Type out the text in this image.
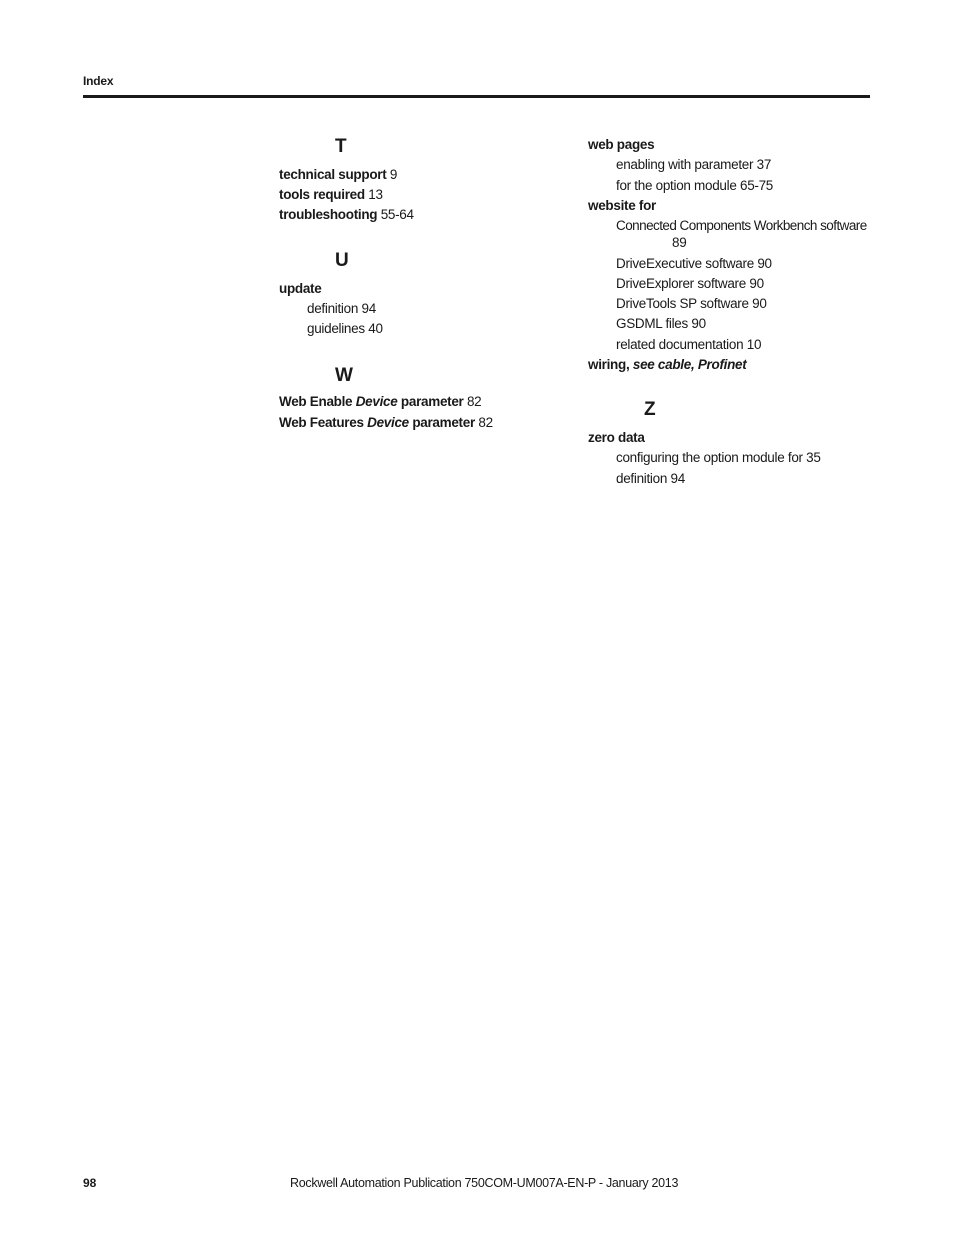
Index
T
technical support 9
tools required 13
troubleshooting 55-64
U
update
definition 94
guidelines 40
W
Web Enable Device parameter 82
Web Features Device parameter 82
web pages
enabling with parameter 37
for the option module 65-75
website for
Connected Components Workbench software
89
DriveExecutive software 90
DriveExplorer software 90
DriveTools SP software 90
GSDML files 90
related documentation 10
wiring, see cable, Profinet
Z
zero data
configuring the option module for 35
definition 94
98	Rockwell Automation Publication 750COM-UM007A-EN-P - January 2013
